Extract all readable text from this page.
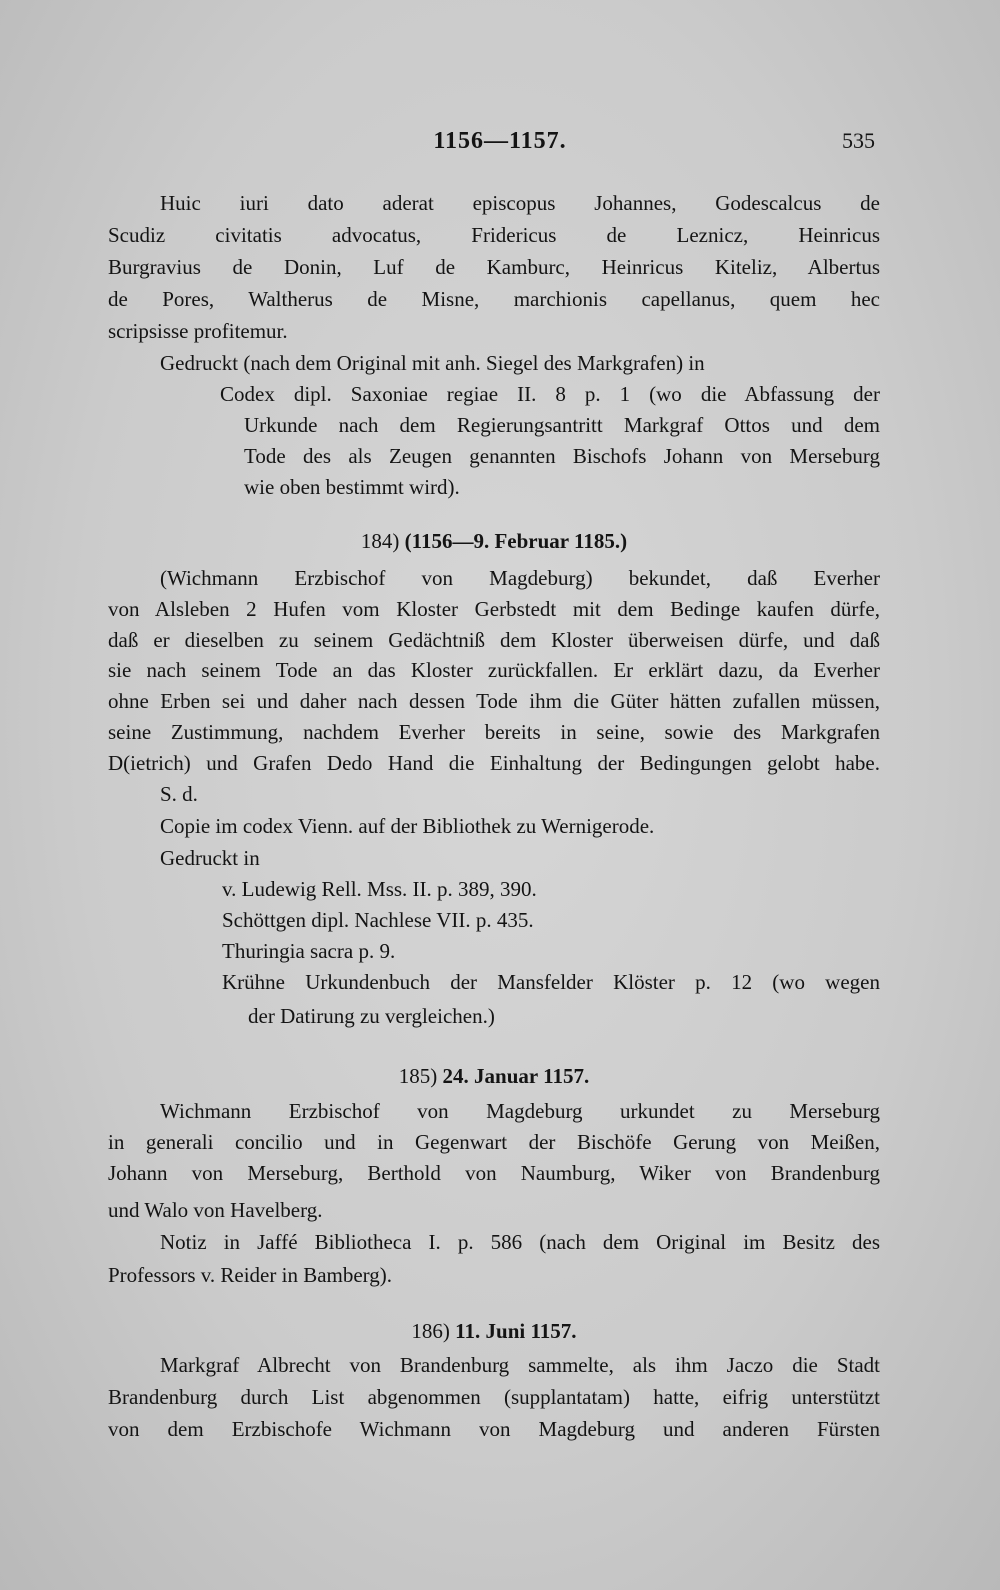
1156—1157.	535
Huic iuri dato aderat episcopus Johannes, Godescalcus de
Scudiz civitatis advocatus, Fridericus de Leznicz, Heinricus
Burgravius de Donin, Luf de Kamburc, Heinricus Kiteliz, Albertus
de Pores, Waltherus de Misne, marchionis capellanus, quem hec
scripsisse profitemur.
Gedruckt (nach dem Original mit anh. Siegel des Markgrafen) in
Codex dipl. Saxoniae regiae II. 8 p. 1 (wo die Abfassung der
Urkunde nach dem Regierungsantritt Markgraf Ottos und dem
Tode des als Zeugen genannten Bischofs Johann von Merseburg
wie oben bestimmt wird).
184) (1156—9. Februar 1185.)
(Wichmann Erzbischof von Magdeburg) bekundet, daß Everher
von Alsleben 2 Hufen vom Kloster Gerbstedt mit dem Bedinge kaufen dürfe,
daß er dieselben zu seinem Gedächtniß dem Kloster überweisen dürfe, und daß
sie nach seinem Tode an das Kloster zurückfallen. Er erklärt dazu, da Everher
ohne Erben sei und daher nach dessen Tode ihm die Güter hätten zufallen müssen,
seine Zustimmung, nachdem Everher bereits in seine, sowie des Markgrafen
D(ietrich) und Grafen Dedo Hand die Einhaltung der Bedingungen gelobt habe.
S. d.
Copie im codex Vienn. auf der Bibliothek zu Wernigerode.
Gedruckt in
v. Ludewig Rell. Mss. II. p. 389, 390.
Schöttgen dipl. Nachlese VII. p. 435.
Thuringia sacra p. 9.
Krühne Urkundenbuch der Mansfelder Klöster p. 12 (wo wegen
der Datirung zu vergleichen.)
185) 24. Januar 1157.
Wichmann Erzbischof von Magdeburg urkundet zu Merseburg
in generali concilio und in Gegenwart der Bischöfe Gerung von Meißen,
Johann von Merseburg, Berthold von Naumburg, Wiker von Brandenburg
und Walo von Havelberg.
Notiz in Jaffé Bibliotheca I. p. 586 (nach dem Original im Besitz des
Professors v. Reider in Bamberg).
186) 11. Juni 1157.
Markgraf Albrecht von Brandenburg sammelte, als ihm Jaczo die Stadt
Brandenburg durch List abgenommen (supplantatam) hatte, eifrig unterstützt
von dem Erzbischofe Wichmann von Magdeburg und anderen Fürsten
